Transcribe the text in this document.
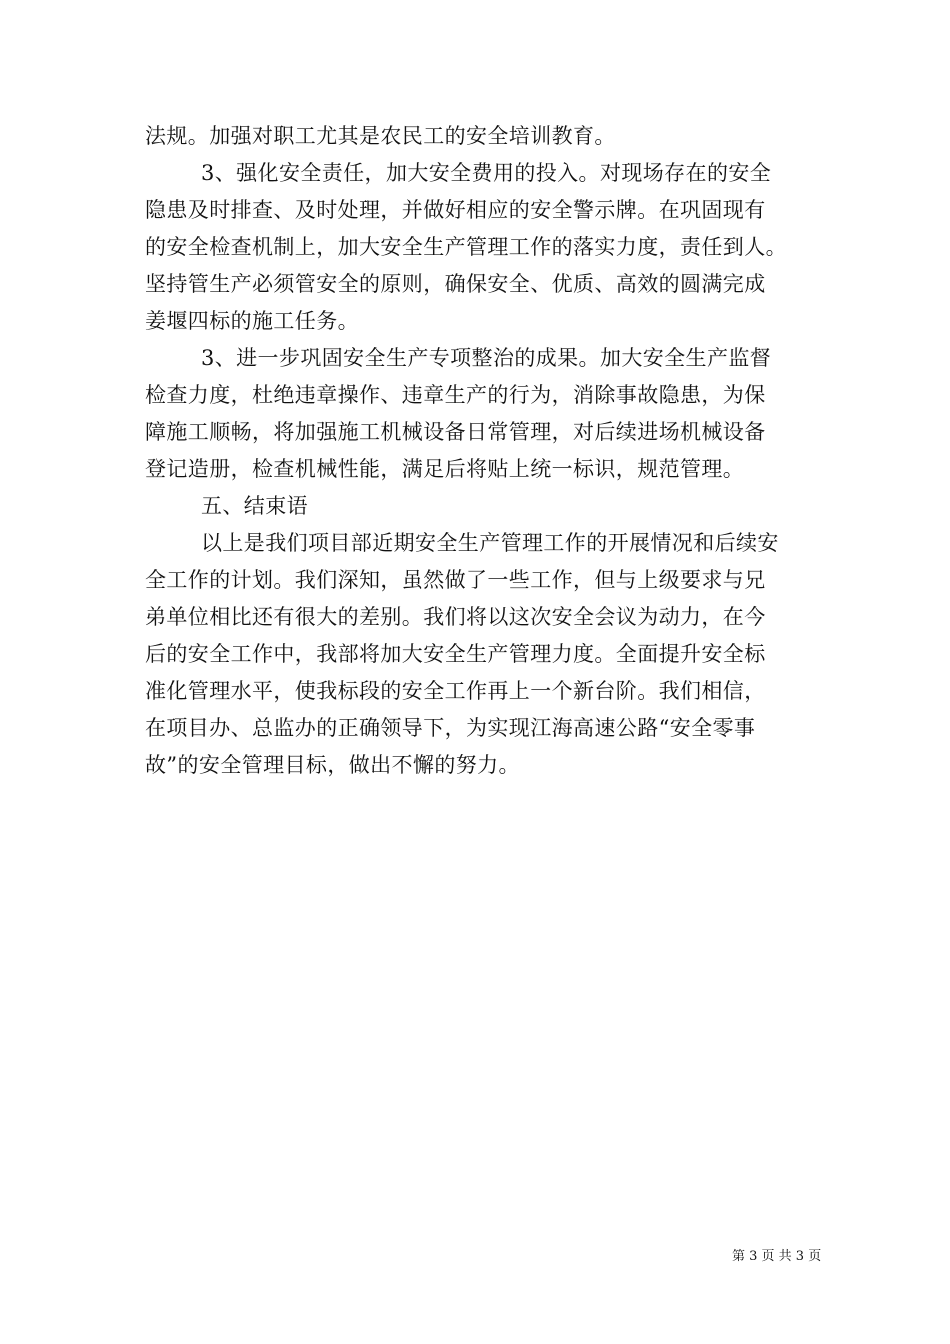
法规。加强对职工尤其是农民工的安全培训教育。
3、强化安全责任，加大安全费用的投入。对现场存在的安全
隐患及时排查、及时处理，并做好相应的安全警示牌。在巩固现有
的安全检查机制上，加大安全生产管理工作的落实力度，责任到人。
坚持管生产必须管安全的原则，确保安全、优质、高效的圆满完成
姜堰四标的施工任务。
3、进一步巩固安全生产专项整治的成果。加大安全生产监督
检查力度，杜绝违章操作、违章生产的行为，消除事故隐患，为保
障施工顺畅，将加强施工机械设备日常管理，对后续进场机械设备
登记造册，检查机械性能，满足后将贴上统一标识，规范管理。
五、结束语
以上是我们项目部近期安全生产管理工作的开展情况和后续安
全工作的计划。我们深知，虽然做了一些工作，但与上级要求与兄
弟单位相比还有很大的差别。我们将以这次安全会议为动力，在今
后的安全工作中，我部将加大安全生产管理力度。全面提升安全标
准化管理水平，使我标段的安全工作再上一个新台阶。我们相信，
在项目办、总监办的正确领导下，为实现江海高速公路“安全零事
故”的安全管理目标，做出不懈的努力。
第 3 页 共 3 页
